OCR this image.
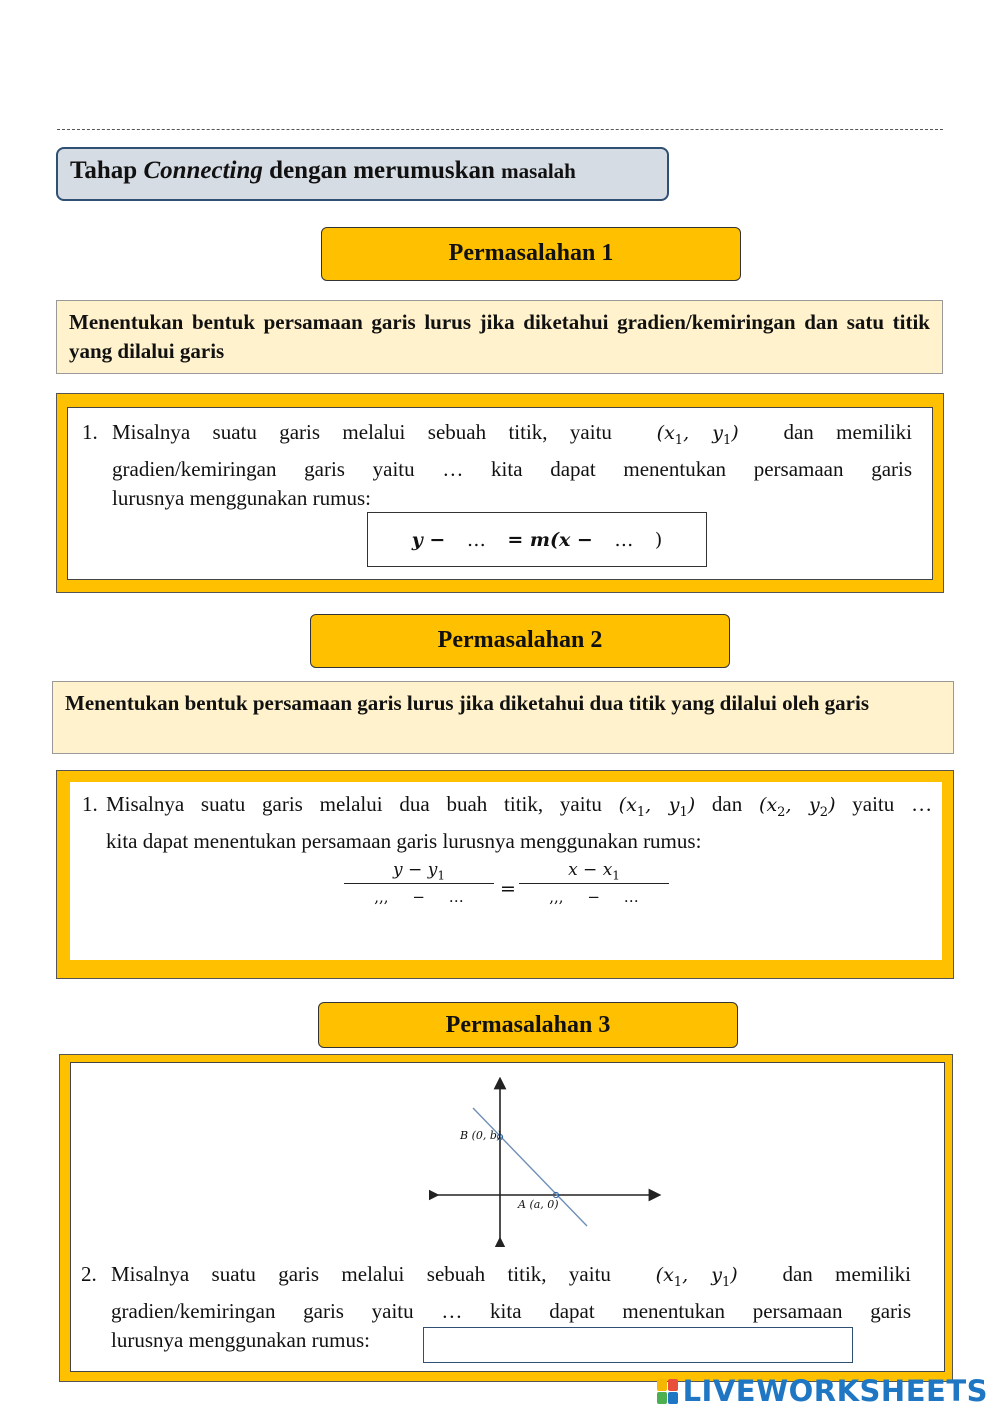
Tahap Connecting dengan merumuskan masalah
Permasalahan 1
Menentukan bentuk persamaan garis lurus jika diketahui gradien/kemiringan dan satu titik yang dilalui garis
1. Misalnya suatu garis melalui sebuah titik, yaitu ($x_1$, $y_1$) dan memiliki
gradien/kemiringan garis yaitu … kita dapat menentukan persamaan garis
lurusnya menggunakan rumus:
y −	…	= m(x −	…	)
Permasalahan 2
Menentukan bentuk persamaan garis lurus jika diketahui dua titik yang dilalui oleh garis
1. Misalnya suatu garis melalui dua buah titik, yaitu ($x_1$, $y_1$) dan ($x_2$, $y_2$) yaitu …
kita dapat menentukan persamaan garis lurusnya menggunakan rumus:
$y - y_1$
,,, − …	=
$x - x_1$
,,, − …
Permasalahan 3
B (0, b)
A (a, 0)
2. Misalnya suatu garis melalui sebuah titik, yaitu ($x_1$, $y_1$) dan memiliki
gradien/kemiringan garis yaitu … kita dapat menentukan persamaan garis
lurusnya menggunakan rumus:
LIVEWORKSHEETS
